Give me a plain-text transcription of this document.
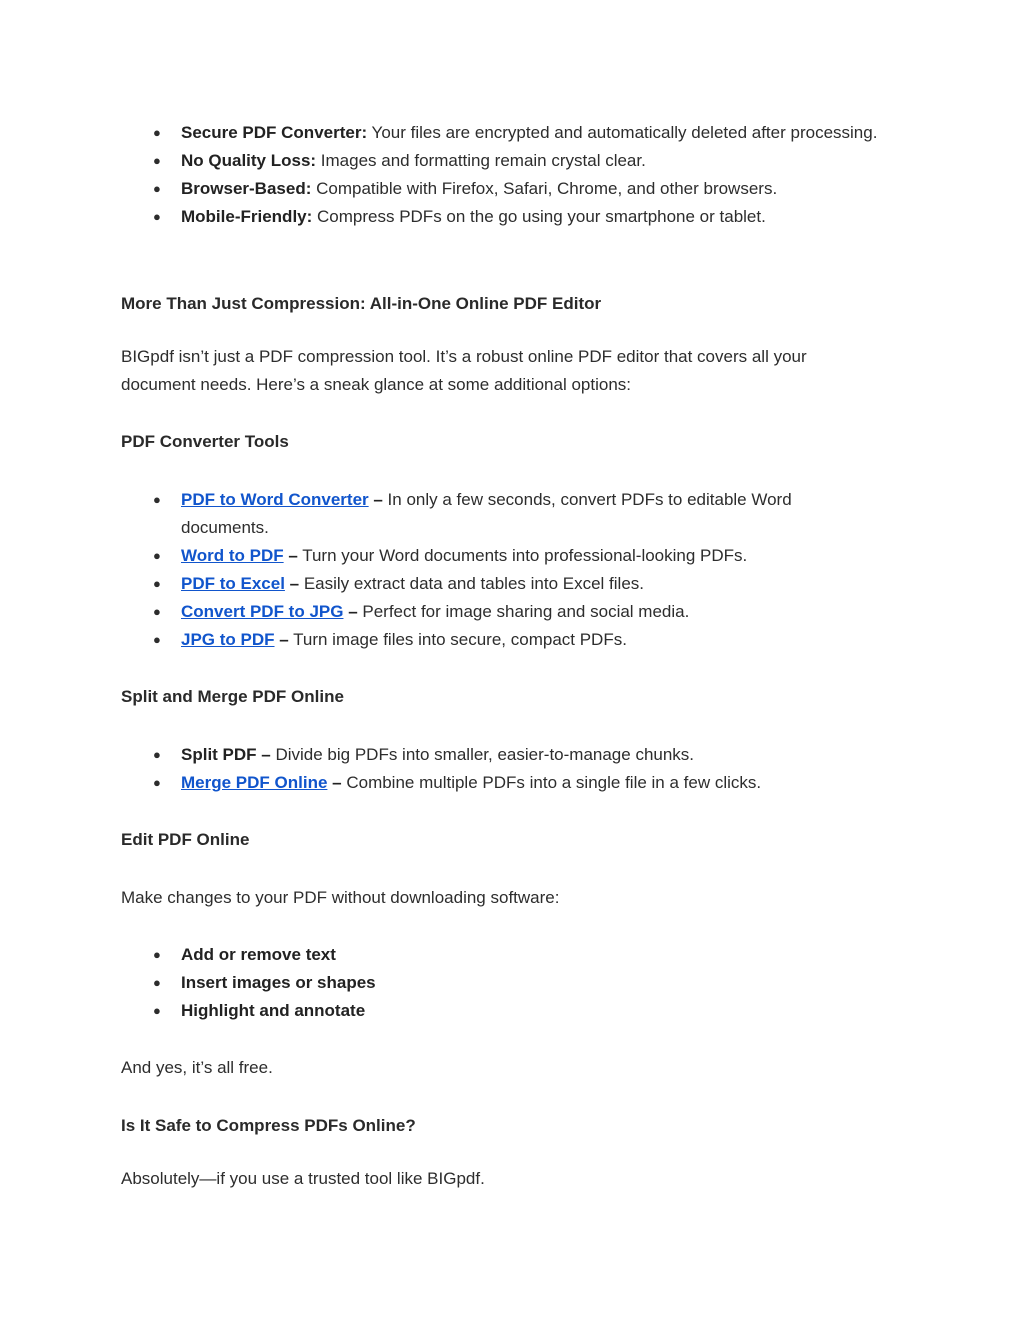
● Secure PDF Converter: Your files are encrypted and automatically deleted after processing.
● No Quality Loss: Images and formatting remain crystal clear.
● Browser-Based: Compatible with Firefox, Safari, Chrome, and other browsers.
● Mobile-Friendly: Compress PDFs on the go using your smartphone or tablet.

More Than Just Compression: All-in-One Online PDF Editor

BIGpdf isn’t just a PDF compression tool. It’s a robust online PDF editor that covers all your document needs. Here’s a sneak glance at some additional options:

PDF Converter Tools

● PDF to Word Converter – In only a few seconds, convert PDFs to editable Word documents.
● Word to PDF – Turn your Word documents into professional-looking PDFs.
● PDF to Excel – Easily extract data and tables into Excel files.
● Convert PDF to JPG – Perfect for image sharing and social media.
● JPG to PDF – Turn image files into secure, compact PDFs.

Split and Merge PDF Online

● Split PDF – Divide big PDFs into smaller, easier-to-manage chunks.
● Merge PDF Online – Combine multiple PDFs into a single file in a few clicks.

Edit PDF Online

Make changes to your PDF without downloading software:

● Add or remove text
● Insert images or shapes
● Highlight and annotate

And yes, it’s all free.

Is It Safe to Compress PDFs Online?

Absolutely—if you use a trusted tool like BIGpdf.
